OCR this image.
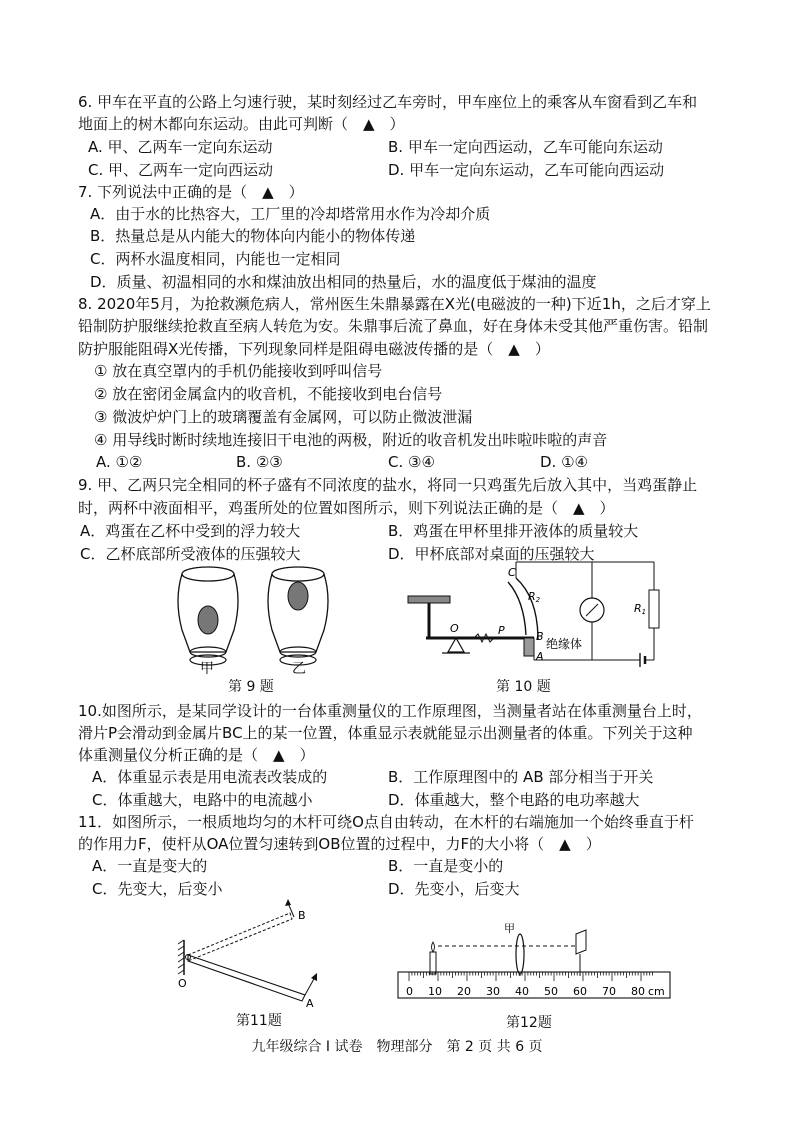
6. 甲车在平直的公路上匀速行驶，某时刻经过乙车旁时，甲车座位上的乘客从车窗看到乙车和
地面上的树木都向东运动。由此可判断（　▲　）
A. 甲、乙两车一定向东运动	B. 甲车一定向西运动，乙车可能向东运动
C. 甲、乙两车一定向西运动	D. 甲车一定向东运动，乙车可能向西运动
7. 下列说法中正确的是（　▲　）
A．由于水的比热容大，工厂里的冷却塔常用水作为冷却介质
B．热量总是从内能大的物体向内能小的物体传递
C．两杯水温度相同，内能也一定相同
D．质量、初温相同的水和煤油放出相同的热量后，水的温度低于煤油的温度
8. 2020年5月，为抢救濒危病人，常州医生朱鼎暴露在X光(电磁波的一种)下近1h，之后才穿上
铅制防护服继续抢救直至病人转危为安。朱鼎事后流了鼻血，好在身体未受其他严重伤害。铅制
防护服能阻碍X光传播，下列现象同样是阻碍电磁波传播的是（　▲　）
① 放在真空罩内的手机仍能接收到呼叫信号
② 放在密闭金属盒内的收音机，不能接收到电台信号
③ 微波炉炉门上的玻璃覆盖有金属网，可以防止微波泄漏
④ 用导线时断时续地连接旧干电池的两极，附近的收音机发出咔啦咔啦的声音
A. ①②	B. ②③	C. ③④	D. ①④
9. 甲、乙两只完全相同的杯子盛有不同浓度的盐水，将同一只鸡蛋先后放入其中，当鸡蛋静止
时，两杯中液面相平，鸡蛋所处的位置如图所示，则下列说法正确的是（　▲　）
A．鸡蛋在乙杯中受到的浮力较大	B．鸡蛋在甲杯里排开液体的质量较大
C．乙杯底部所受液体的压强较大	D．甲杯底部对桌面的压强较大
甲	乙
第 9 题
C
R2
R1
O	P	B
A
绝缘体
第 10 题
10.如图所示，是某同学设计的一台体重测量仪的工作原理图，当测量者站在体重测量台上时，
滑片P会滑动到金属片BC上的某一位置，体重显示表就能显示出测量者的体重。下列关于这种
体重测量仪分析正确的是（　▲　）
A．体重显示表是用电流表改装成的	B．工作原理图中的 AB 部分相当于开关
C．体重越大，电路中的电流越小	D．体重越大，整个电路的电功率越大
11．如图所示，一根质地均匀的木杆可绕O点自由转动，在木杆的右端施加一个始终垂直于杆
的作用力F，使杆从OA位置匀速转到OB位置的过程中，力F的大小将（　▲　）
A．一直是变大的	B．一直是变小的
C．先变大，后变小	D．先变小，后变大
O
A
B
第11题
甲
0 10 20 30 40 50 60 70 80 cm
第12题
九年级综合 I 试卷　物理部分　第 2 页 共 6 页
